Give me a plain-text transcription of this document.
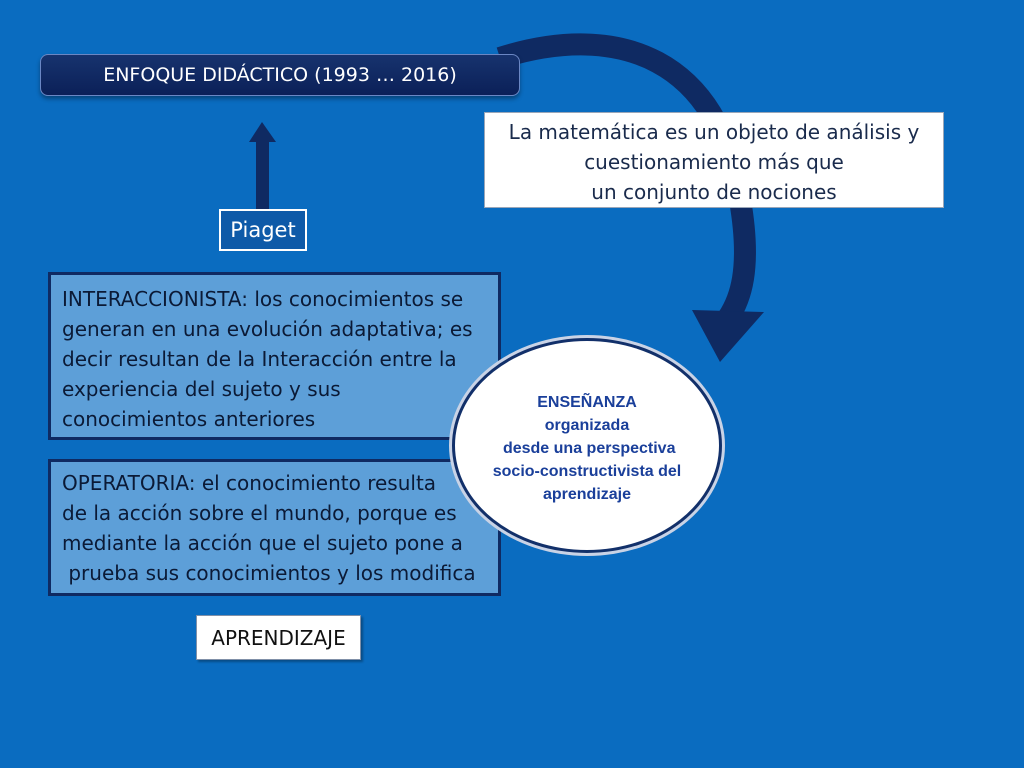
ENFOQUE DIDÁCTICO (1993 … 2016)
La matemática es un objeto de análisis y
cuestionamiento más que
un conjunto de nociones
Piaget
INTERACCIONISTA: los conocimientos se
generan en una evolución adaptativa; es
decir resultan de la Interacción entre la
experiencia del sujeto y sus
conocimientos anteriores
OPERATORIA: el conocimiento resulta
de la acción sobre el mundo, porque es
mediante la acción que el sujeto pone a
prueba sus conocimientos y los modifica
APRENDIZAJE
ENSEÑANZA
organizada
desde una perspectiva
socio-constructivista del
aprendizaje
